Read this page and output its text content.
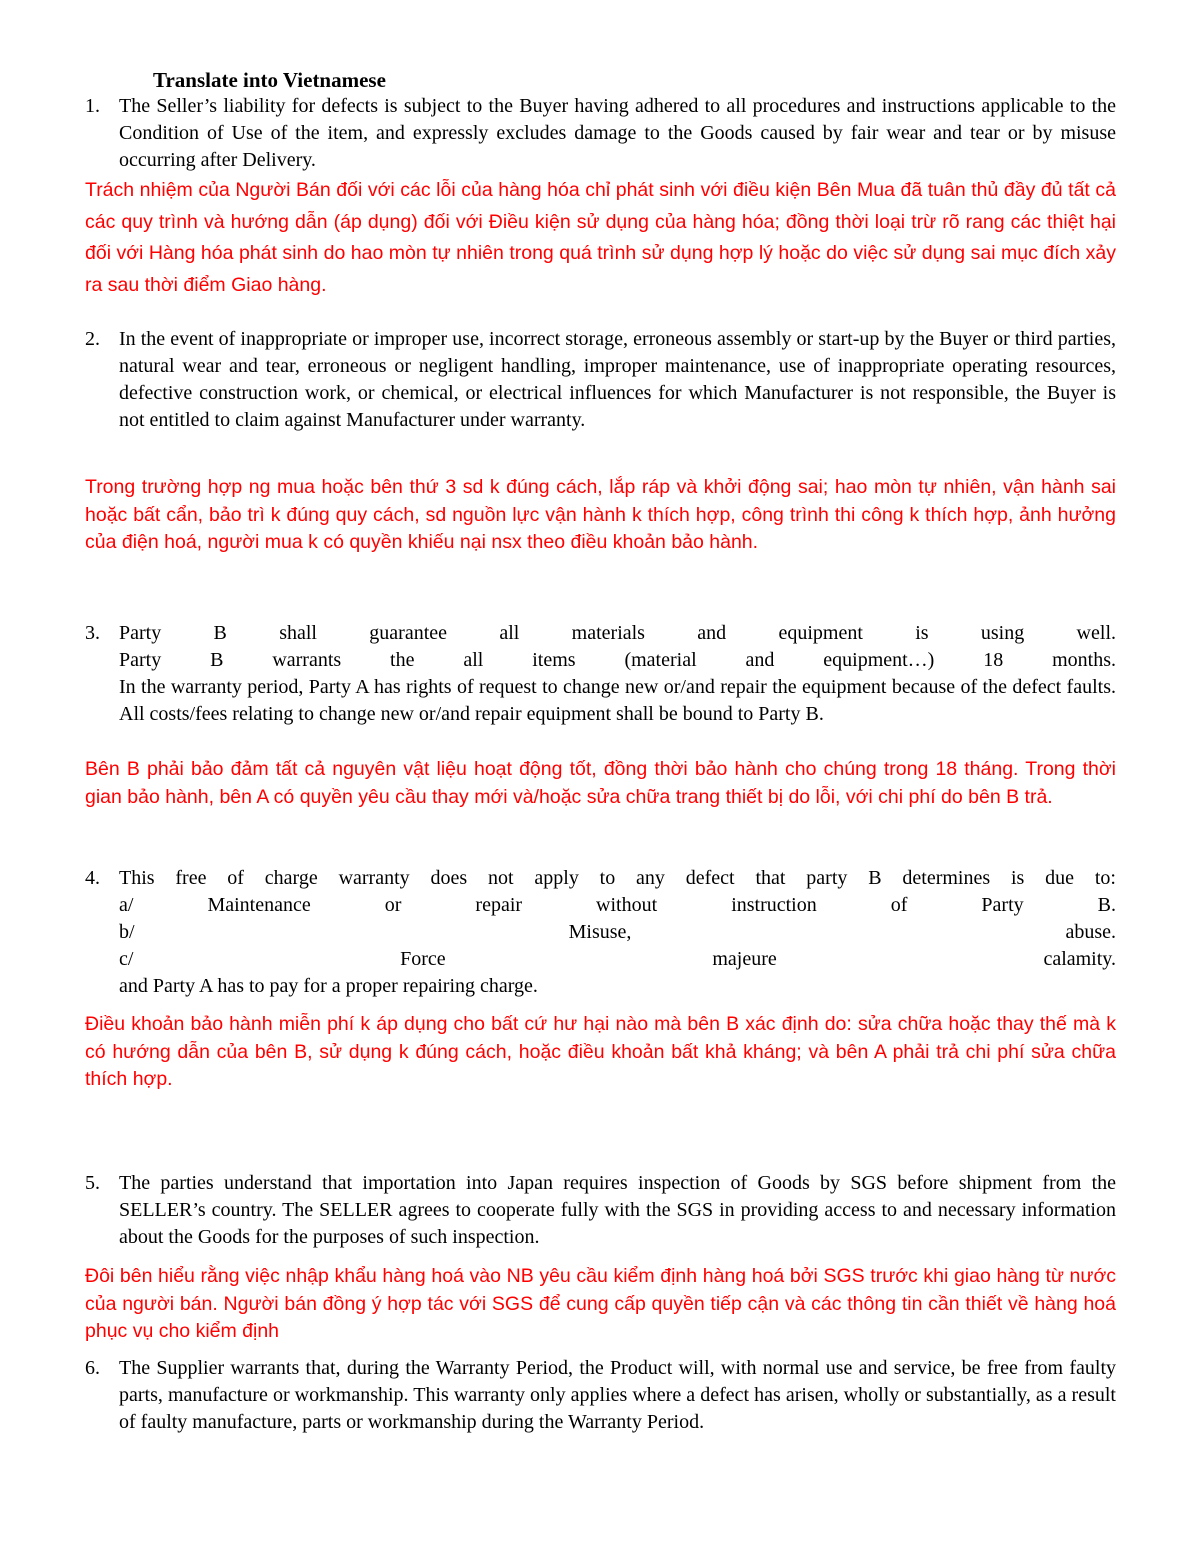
Translate into Vietnamese
1. The Seller’s liability for defects is subject to the Buyer having adhered to all procedures and instructions applicable to the Condition of Use of the item, and expressly excludes damage to the Goods caused by fair wear and tear or by misuse occurring after Delivery.
Trách nhiệm của Người Bán đối với các lỗi của hàng hóa chỉ phát sinh với điều kiện Bên Mua đã tuân thủ đầy đủ tất cả các quy trình và hướng dẫn (áp dụng) đối với Điều kiện sử dụng của hàng hóa; đồng thời loại trừ rõ rang các thiệt hại đối với Hàng hóa phát sinh do hao mòn tự nhiên trong quá trình sử dụng hợp lý hoặc do việc sử dụng sai mục đích xảy ra sau thời điểm Giao hàng.
2. In the event of inappropriate or improper use, incorrect storage, erroneous assembly or start-up by the Buyer or third parties, natural wear and tear, erroneous or negligent handling, improper maintenance, use of inappropriate operating resources, defective construction work, or chemical, or electrical influences for which Manufacturer is not responsible, the Buyer is not entitled to claim against Manufacturer under warranty.
Trong trường hợp ng mua hoặc bên thứ 3 sd k đúng cách, lắp ráp và khởi động sai; hao mòn tự nhiên, vận hành sai hoặc bất cẩn, bảo trì k đúng quy cách, sd nguồn lực vận hành k thích hợp, công trình thi công k thích hợp, ảnh hưởng của điện hoá, người mua k có quyền khiếu nại nsx theo điều khoản bảo hành.
3. Party B shall guarantee all materials and equipment is using well.
Party B warrants the all items (material and equipment…) 18 months.
In the warranty period, Party A has rights of request to change new or/and repair the equipment because of the defect faults. All costs/fees relating to change new or/and repair equipment shall be bound to Party B.
Bên B phải bảo đảm tất cả nguyên vật liệu hoạt động tốt, đồng thời bảo hành cho chúng trong 18 tháng. Trong thời gian bảo hành, bên A có quyền yêu cầu thay mới và/hoặc sửa chữa trang thiết bị do lỗi, với chi phí do bên B trả.
4. This free of charge warranty does not apply to any defect that party B determines is due to:
a/ Maintenance or repair without instruction of Party B.
b/ Misuse, abuse.
c/ Force majeure calamity.
and Party A has to pay for a proper repairing charge.
Điều khoản bảo hành miễn phí k áp dụng cho bất cứ hư hại nào mà bên B xác định do: sửa chữa hoặc thay thế mà k có hướng dẫn của bên B, sử dụng k đúng cách, hoặc điều khoản bất khả kháng; và bên A phải trả chi phí sửa chữa thích hợp.
5. The parties understand that importation into Japan requires inspection of Goods by SGS before shipment from the SELLER’s country. The SELLER agrees to cooperate fully with the SGS in providing access to and necessary information about the Goods for the purposes of such inspection.
Đôi bên hiểu rằng việc nhập khẩu hàng hoá vào NB yêu cầu kiểm định hàng hoá bởi SGS trước khi giao hàng từ nước của người bán. Người bán đồng ý hợp tác với SGS để cung cấp quyền tiếp cận và các thông tin cần thiết về hàng hoá phục vụ cho kiểm định
6. The Supplier warrants that, during the Warranty Period, the Product will, with normal use and service, be free from faulty parts, manufacture or workmanship. This warranty only applies where a defect has arisen, wholly or substantially, as a result of faulty manufacture, parts or workmanship during the Warranty Period.
